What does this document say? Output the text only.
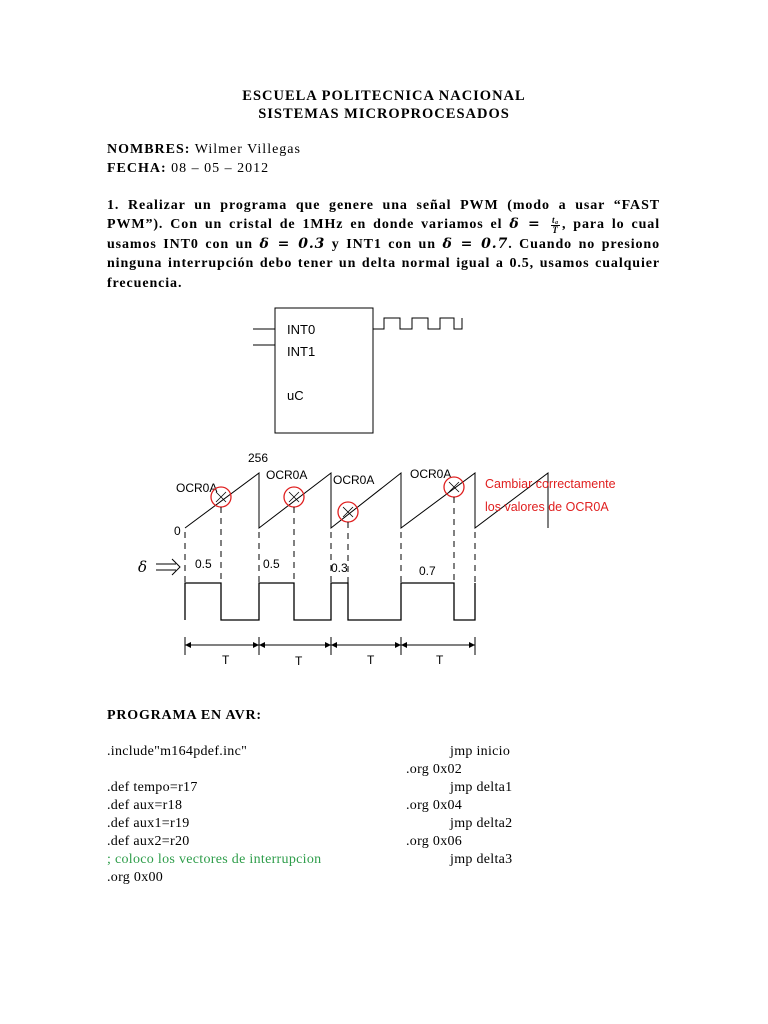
ESCUELA POLITECNICA NACIONAL
SISTEMAS MICROPROCESADOS
NOMBRES: Wilmer Villegas
FECHA: 08 – 05 – 2012
1. Realizar un programa que genere una señal PWM (modo a usar “FAST PWM”). Con un cristal de 1MHz en donde variamos el $\delta = \frac{\text{tₐ}}{T}$ , para lo cual usamos INT0 con un δ = 0.3 y INT1 con un δ = 0.7. Cuando no presiono ninguna interrupción debo tener un delta normal igual a 0.5, usamos cualquier frecuencia.
INT0
INT1
uC
256
0
OCR0A
OCR0A OCR0A	OCR0A
Cambiar correctamente
los valores de OCR0A
δ	0.5	0.5	0.3	0.7
T	T	T	T
PROGRAMA EN AVR:
.include"m164pdef.inc"
.def tempo=r17
.def aux=r18
.def aux1=r19
.def aux2=r20
; coloco los vectores de interrupcion
.org 0x00
jmp inicio
.org 0x02
jmp delta1
.org 0x04
jmp delta2
.org 0x06
jmp delta3
